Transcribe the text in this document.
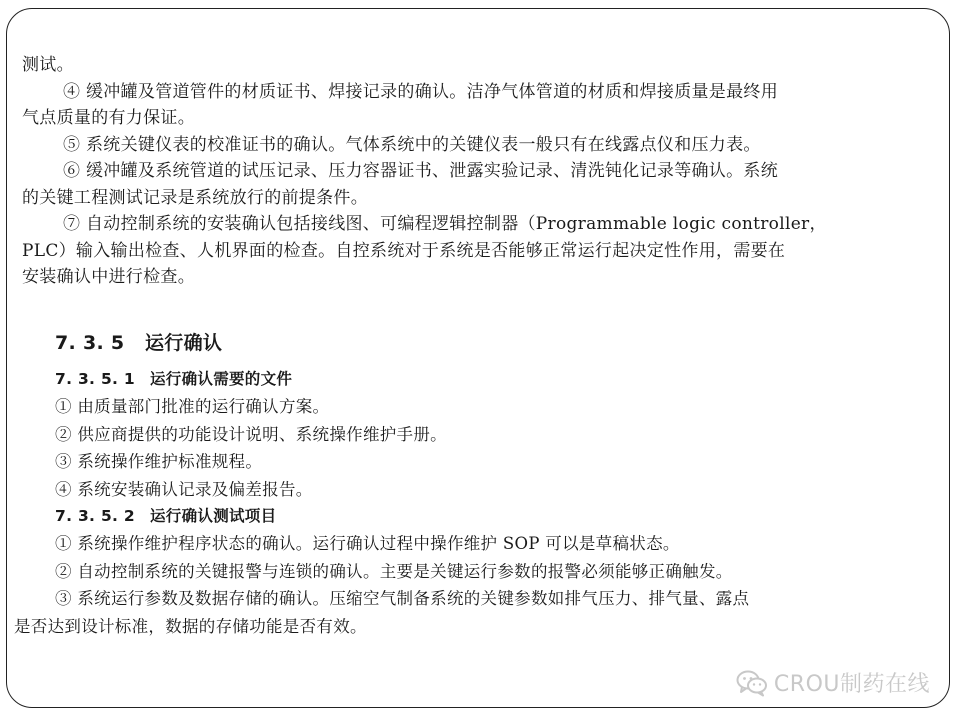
测试。

④ 缓冲罐及管道管件的材质证书、焊接记录的确认。洁净气体管道的材质和焊接质量是最终用

气点质量的有力保证。

⑤ 系统关键仪表的校准证书的确认。气体系统中的关键仪表一般只有在线露点仪和压力表。

⑥ 缓冲罐及系统管道的试压记录、压力容器证书、泄露实验记录、清洗钝化记录等确认。系统

的关键工程测试记录是系统放行的前提条件。

⑦ 自动控制系统的安装确认包括接线图、可编程逻辑控制器（Programmable logic controller，

PLC）输入输出检查、人机界面的检查。自控系统对于系统是否能够正常运行起决定性作用，需要在

安装确认中进行检查。

7. 3. 5 运行确认

7. 3. 5. 1 运行确认需要的文件

① 由质量部门批准的运行确认方案。

② 供应商提供的功能设计说明、系统操作维护手册。

③ 系统操作维护标准规程。

④ 系统安装确认记录及偏差报告。

7. 3. 5. 2 运行确认测试项目

① 系统操作维护程序状态的确认。运行确认过程中操作维护 SOP 可以是草稿状态。

② 自动控制系统的关键报警与连锁的确认。主要是关键运行参数的报警必须能够正确触发。

③ 系统运行参数及数据存储的确认。压缩空气制备系统的关键参数如排气压力、排气量、露点

是否达到设计标准，数据的存储功能是否有效。

CROU制药在线
